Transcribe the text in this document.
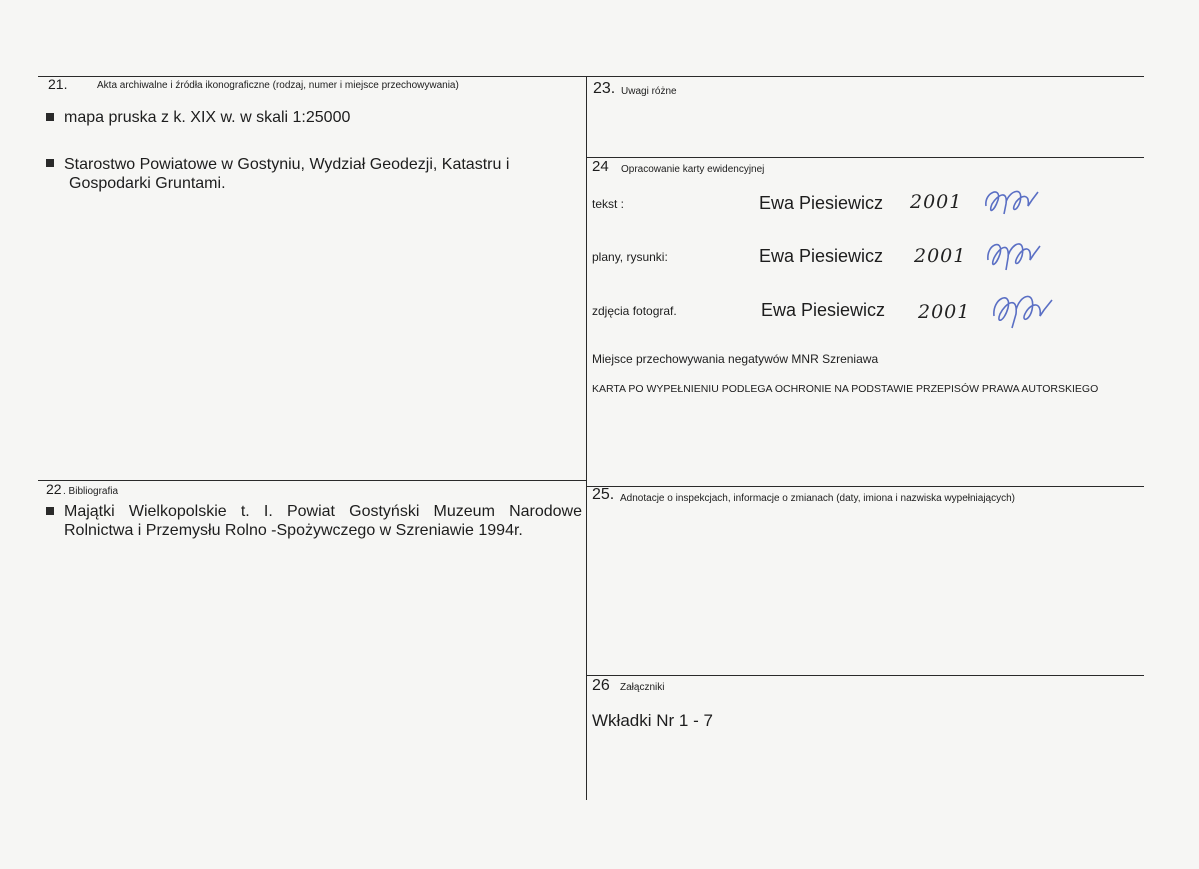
21.	Akta archiwalne i źródła ikonograficzne (rodzaj, numer i miejsce przechowywania)
mapa pruska z k. XIX w. w skali 1:25000
Starostwo Powiatowe w Gostyniu, Wydział Geodezji, Katastru i
Gospodarki Gruntami.
22 . Bibliografia
Majątki Wielkopolskie t. I. Powiat Gostyński Muzeum Narodowe
Rolnictwa i Przemysłu Rolno -Spożywczego w Szreniawie 1994r.
23. Uwagi różne
24 Opracowanie karty ewidencyjnej
tekst :	Ewa Piesiewicz 2001
plany, rysunki:	Ewa Piesiewicz 2001
zdjęcia fotograf.	Ewa Piesiewicz 2001
Miejsce przechowywania negatywów MNR Szreniawa
KARTA PO WYPEŁNIENIU PODLEGA OCHRONIE NA PODSTAWIE PRZEPISÓW PRAWA AUTORSKIEGO
25. Adnotacje o inspekcjach, informacje o zmianach (daty, imiona i nazwiska wypełniających)
26 Załączniki
Wkładki Nr 1 - 7
